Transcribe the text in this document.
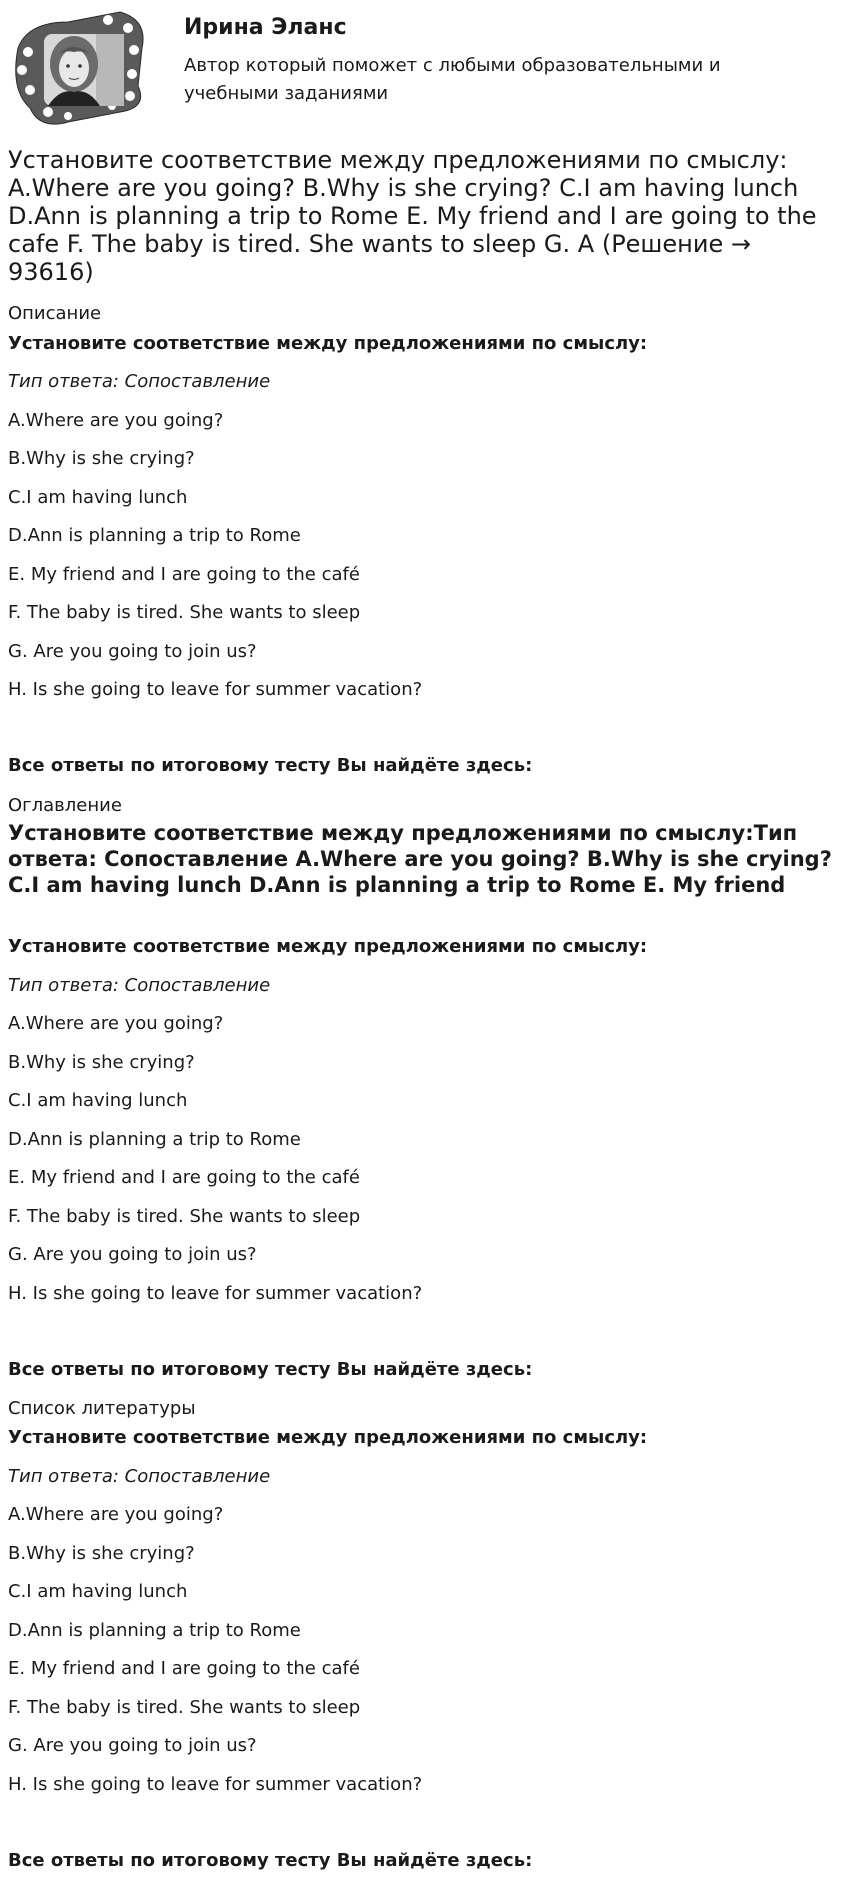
Ирина Эланс

Автор который поможет с любыми образовательными и учебными заданиями

Установите соответствие между предложениями по смыслу: A.Where are you going? B.Why is she crying? C.I am having lunch D.Ann is planning a trip to Rome E. My friend and I are going to the cafe F. The baby is tired. She wants to sleep G. A (Решение → 93616)

Описание

Установите соответствие между предложениями по смыслу:

Тип ответа: Сопоставление

A.Where are you going?

B.Why is she crying?

C.I am having lunch

D.Ann is planning a trip to Rome

E. My friend and I are going to the café

F. The baby is tired. She wants to sleep

G. Are you going to join us?

H. Is she going to leave for summer vacation?

Все ответы по итоговому тесту Вы найдёте здесь:

Оглавление

Установите соответствие между предложениями по смыслу:Тип ответа: Сопоставление A.Where are you going? B.Why is she crying? C.I am having lunch D.Ann is planning a trip to Rome E. My friend

Установите соответствие между предложениями по смыслу:

Тип ответа: Сопоставление

A.Where are you going?

B.Why is she crying?

C.I am having lunch

D.Ann is planning a trip to Rome

E. My friend and I are going to the café

F. The baby is tired. She wants to sleep

G. Are you going to join us?

H. Is she going to leave for summer vacation?

Все ответы по итоговому тесту Вы найдёте здесь:

Список литературы

Установите соответствие между предложениями по смыслу:

Тип ответа: Сопоставление

A.Where are you going?

B.Why is she crying?

C.I am having lunch

D.Ann is planning a trip to Rome

E. My friend and I are going to the café

F. The baby is tired. She wants to sleep

G. Are you going to join us?

H. Is she going to leave for summer vacation?

Все ответы по итоговому тесту Вы найдёте здесь:
